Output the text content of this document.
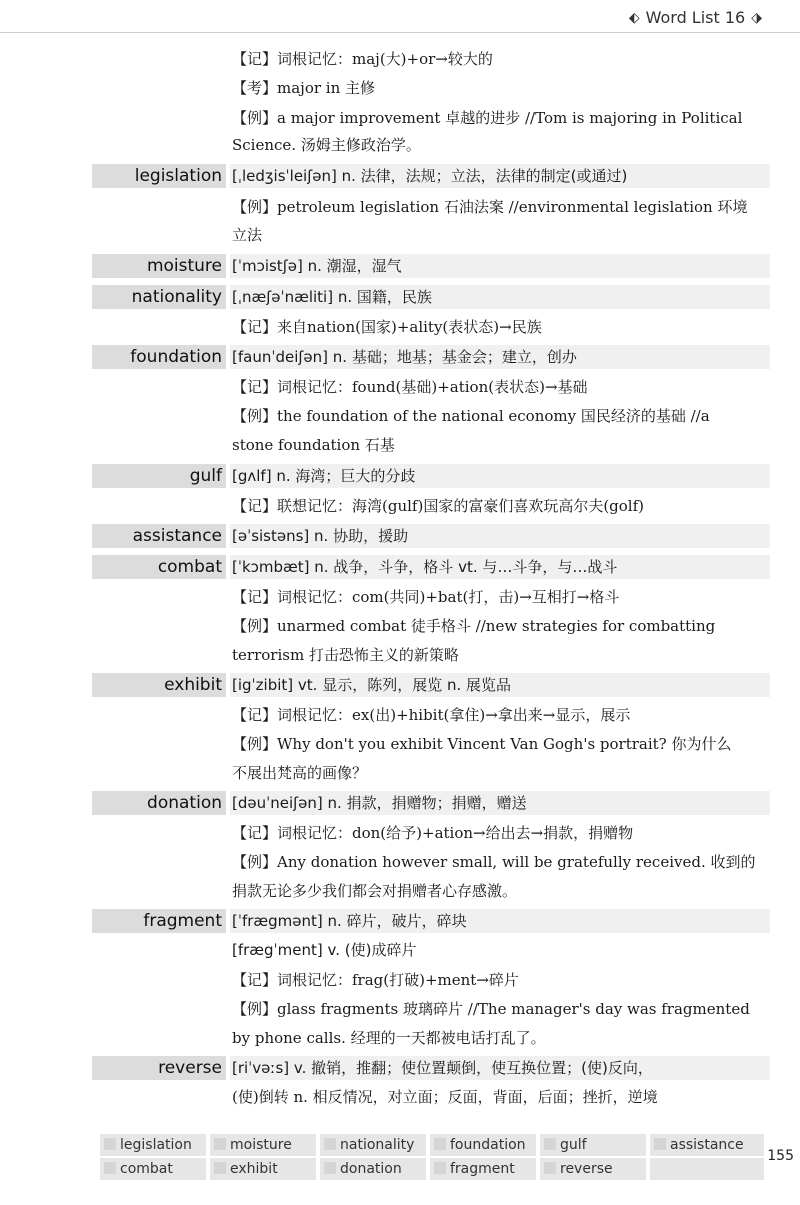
⬖ Word List 16 ⬗
【记】词根记忆：maj(大)+or→较大的
【考】major in 主修
【例】a major improvement 卓越的进步 //Tom is majoring in Political
Science. 汤姆主修政治学。
legislation [ˌledʒisˈleiʃən] n. 法律，法规；立法，法律的制定(或通过)
【例】petroleum legislation 石油法案 //environmental legislation 环境
立法
moisture [ˈmɔistʃə] n. 潮湿，湿气
nationality [ˌnæʃəˈnæliti] n. 国籍，民族
【记】来自nation(国家)+ality(表状态)→民族
foundation [faunˈdeiʃən] n. 基础；地基；基金会；建立，创办
【记】词根记忆：found(基础)+ation(表状态)→基础
【例】the foundation of the national economy 国民经济的基础 //a
stone foundation 石基
gulf [gʌlf] n. 海湾；巨大的分歧
【记】联想记忆：海湾(gulf)国家的富豪们喜欢玩高尔夫(golf)
assistance [əˈsistəns] n. 协助，援助
combat [ˈkɔmbæt] n. 战争，斗争，格斗 vt. 与…斗争，与…战斗
【记】词根记忆：com(共同)+bat(打，击)→互相打→格斗
【例】unarmed combat 徒手格斗 //new strategies for combatting
terrorism 打击恐怖主义的新策略
exhibit [igˈzibit] vt. 显示，陈列，展览 n. 展览品
【记】词根记忆：ex(出)+hibit(拿住)→拿出来→显示，展示
【例】Why don't you exhibit Vincent Van Gogh's portrait? 你为什么
不展出梵高的画像？
donation [dəuˈneiʃən] n. 捐款，捐赠物；捐赠，赠送
【记】词根记忆：don(给予)+ation→给出去→捐款，捐赠物
【例】Any donation however small, will be gratefully received. 收到的
捐款无论多少我们都会对捐赠者心存感激。
fragment [ˈfrægmənt] n. 碎片，破片，碎块
[frægˈment] v. (使)成碎片
【记】词根记忆：frag(打破)+ment→碎片
【例】glass fragments 玻璃碎片 //The manager's day was fragmented
by phone calls. 经理的一天都被电话打乱了。
reverse [riˈvəːs] v. 撤销，推翻；使位置颠倒，使互换位置；(使)反向，
(使)倒转 n. 相反情况，对立面；反面，背面，后面；挫折，逆境
legislation	moisture	nationality	foundation	gulf	assistance
combat	exhibit	donation	fragment	reverse
155
